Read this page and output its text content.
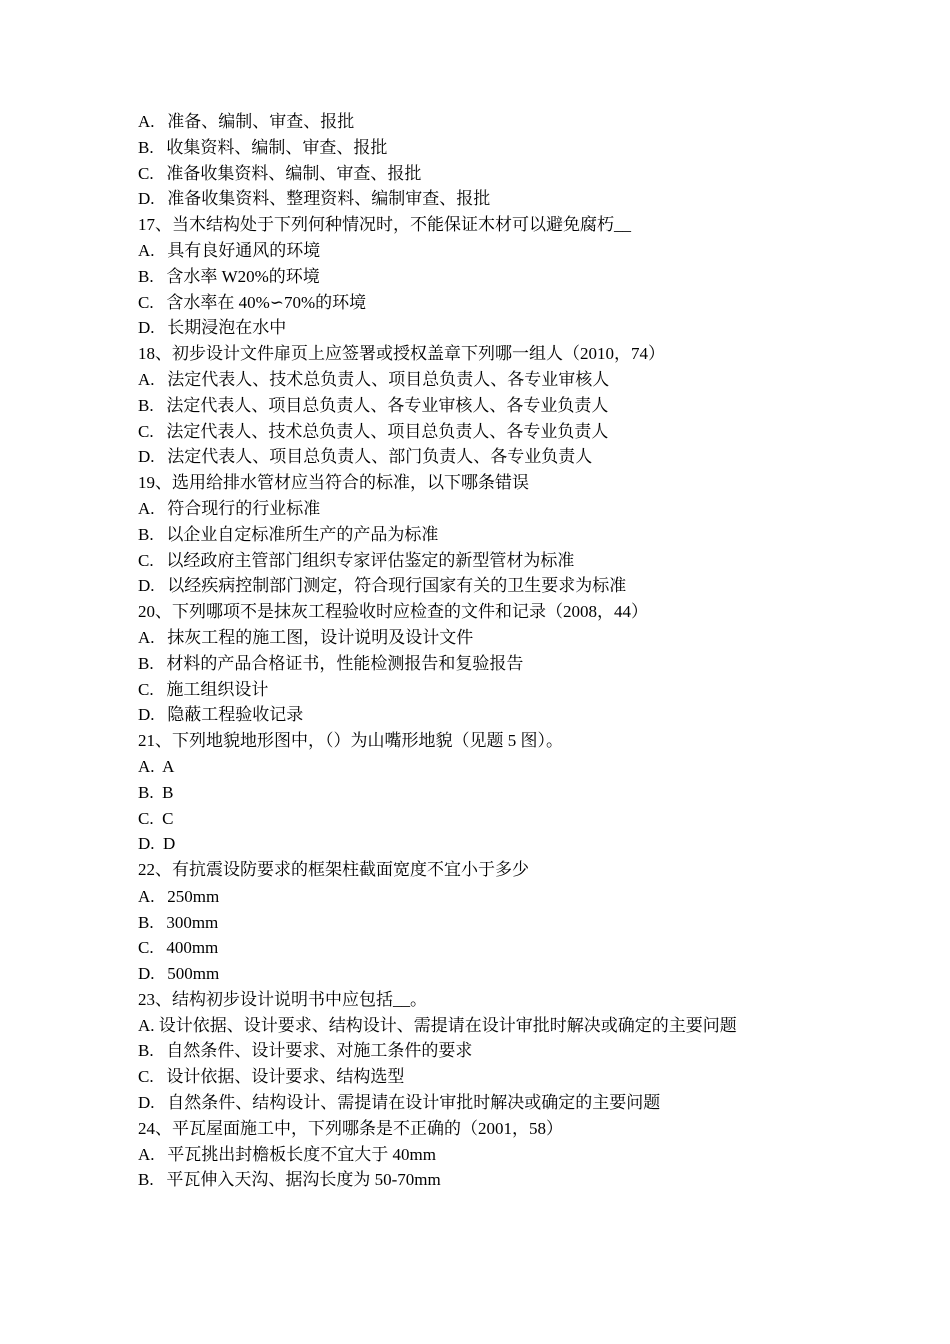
A.   准备、编制、审查、报批

B.   收集资料、编制、审查、报批

C.   准备收集资料、编制、审查、报批

D.   准备收集资料、整理资料、编制审查、报批

17、当木结构处于下列何种情况时，不能保证木材可以避免腐朽__

A.   具有良好通风的环境

B.   含水率 W20%的环境

C.   含水率在 40%∽70%的环境

D.   长期浸泡在水中

18、初步设计文件扉页上应签署或授权盖章下列哪一组人（2010，74）

A.   法定代表人、技术总负责人、项目总负责人、各专业审核人

B.   法定代表人、项目总负责人、各专业审核人、各专业负责人

C.   法定代表人、技术总负责人、项目总负责人、各专业负责人

D.   法定代表人、项目总负责人、部门负责人、各专业负责人

19、选用给排水管材应当符合的标准，以下哪条错误

A.   符合现行的行业标准

B.   以企业自定标准所生产的产品为标准

C.   以经政府主管部门组织专家评估鉴定的新型管材为标准

D.   以经疾病控制部门测定，符合现行国家有关的卫生要求为标准

20、下列哪项不是抹灰工程验收时应检查的文件和记录（2008，44）

A.   抹灰工程的施工图，设计说明及设计文件

B.   材料的产品合格证书，性能检测报告和复验报告

C.   施工组织设计

D.   隐蔽工程验收记录

21、下列地貌地形图中，（）为山嘴形地貌（见题 5 图）。

A.  A

B.  B

C.  C

D.  D

22、有抗震设防要求的框架柱截面宽度不宜小于多少

A.   250mm

B.   300mm

C.   400mm

D.   500mm

23、结构初步设计说明书中应包括__。

A. 设计依据、设计要求、结构设计、需提请在设计审批时解决或确定的主要问题

B.   自然条件、设计要求、对施工条件的要求

C.   设计依据、设计要求、结构选型

D.   自然条件、结构设计、需提请在设计审批时解决或确定的主要问题

24、平瓦屋面施工中，下列哪条是不正确的（2001，58）

A.   平瓦挑出封檐板长度不宜大于 40mm

B.   平瓦伸入天沟、据沟长度为 50-70mm
